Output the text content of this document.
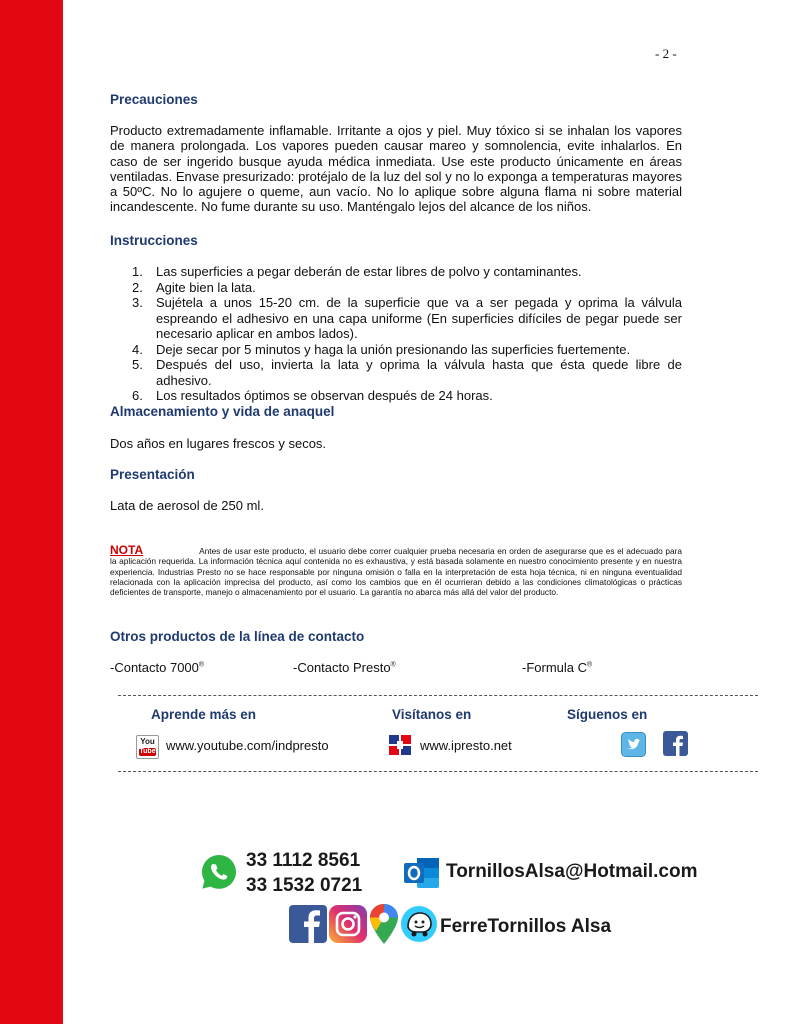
- 2 -
Precauciones
Producto extremadamente inflamable. Irritante a ojos y piel. Muy tóxico si se inhalan los vapores de manera prolongada. Los vapores pueden causar mareo y somnolencia, evite inhalarlos. En caso de ser ingerido busque ayuda médica inmediata. Use este producto únicamente en áreas ventiladas. Envase presurizado: protéjalo de la luz del sol y no lo exponga a temperaturas mayores a 50ºC. No lo agujere o queme, aun vacío. No lo aplique sobre alguna flama ni sobre material incandescente. No fume durante su uso. Manténgalo lejos del alcance de los niños.
Instrucciones
1. Las superficies a pegar deberán de estar libres de polvo y contaminantes.
2. Agite bien la lata.
3. Sujételа a unos 15-20 cm. de la superficie que va a ser pegada y oprima la válvula espreando el adhesivo en una capa uniforme (En superficies difíciles de pegar puede ser necesario aplicar en ambos lados).
4. Deje secar por 5 minutos y haga la unión presionando las superficies fuertemente.
5. Después del uso, invierta la lata y oprima la válvula hasta que ésta quede libre de adhesivo.
6. Los resultados óptimos se observan después de 24 horas.
Almacenamiento y vida de anaquel
Dos años en lugares frescos y secos.
Presentación
Lata de aerosol de 250 ml.
NOTA	Antes de usar este producto, el usuario debe correr cualquier prueba necesaria en orden de asegurarse que es el adecuado para la aplicación requerida. La información técnica aquí contenida no es exhaustiva, y está basada solamente en nuestro conocimiento presente y en nuestra experiencia. Industrias Presto no se hace responsable por ninguna omisión o falla en la interpretación de esta hoja técnica, ni en ninguna eventualidad relacionada con la aplicación imprecisa del producto, así como los cambios que en él ocurrieran debido a las condiciones climatológicas o prácticas deficientes de transporte, manejo o almacenamiento por el usuario. La garantía no abarca más allá del valor del producto.
Otros productos de la línea de contacto
-Contacto 7000®	-Contacto Presto®	-Formula C®
Aprende más en	Visítanos en	Síguenos en
You
Tube www.youtube.com/indpresto	www.ipresto.net
33 1112 8561
33 1532 0721
TornillosAlsa@Hotmail.com
FerreTornillos Alsa
